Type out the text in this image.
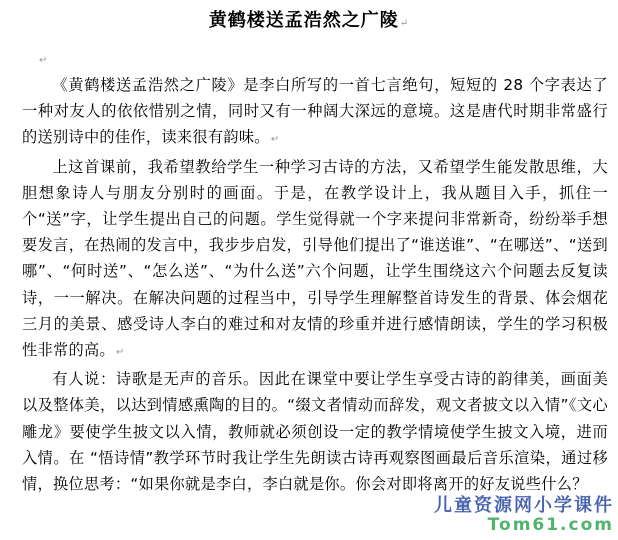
黄鹤楼送孟浩然之广陵↵
↵

《黄鹤楼送孟浩然之广陵》是李白所写的一首七言绝句，短短的 28 个字表达了一种对友人的依依惜别之情，同时又有一种阔大深远的意境。这是唐代时期非常盛行的送别诗中的佳作，读来很有韵味。↵

上这首课前，我希望教给学生一种学习古诗的方法，又希望学生能发散思维，大胆想象诗人与朋友分别时的画面。于是，在教学设计上，我从题目入手，抓住一个“送”字，让学生提出自己的问题。学生觉得就一个字来提问非常新奇，纷纷举手想要发言，在热闹的发言中，我步步启发，引导他们提出了“谁送谁”、“在哪送”、“送到哪”、“何时送”、“怎么送”、“为什么送”六个问题，让学生围绕这六个问题去反复读诗，一一解决。在解决问题的过程当中，引导学生理解整首诗发生的背景、体会烟花三月的美景、感受诗人李白的难过和对友情的珍重并进行感情朗读，学生的学习积极性非常的高。↵

有人说：诗歌是无声的音乐。因此在课堂中要让学生享受古诗的韵律美，画面美以及整体美，以达到情感熏陶的目的。“缀文者情动而辞发，观文者披文以入情”《文心雕龙》要使学生披文以入情，教师就必须创设一定的教学情境使学生披文入境，进而入情。在 “悟诗情”教学环节时我让学生先朗读古诗再观察图画最后音乐渲染，通过移情，换位思考：“如果你就是李白，李白就是你。你会对即将离开的好友说些什么？

儿童资源网小学课件
Tom61.com
